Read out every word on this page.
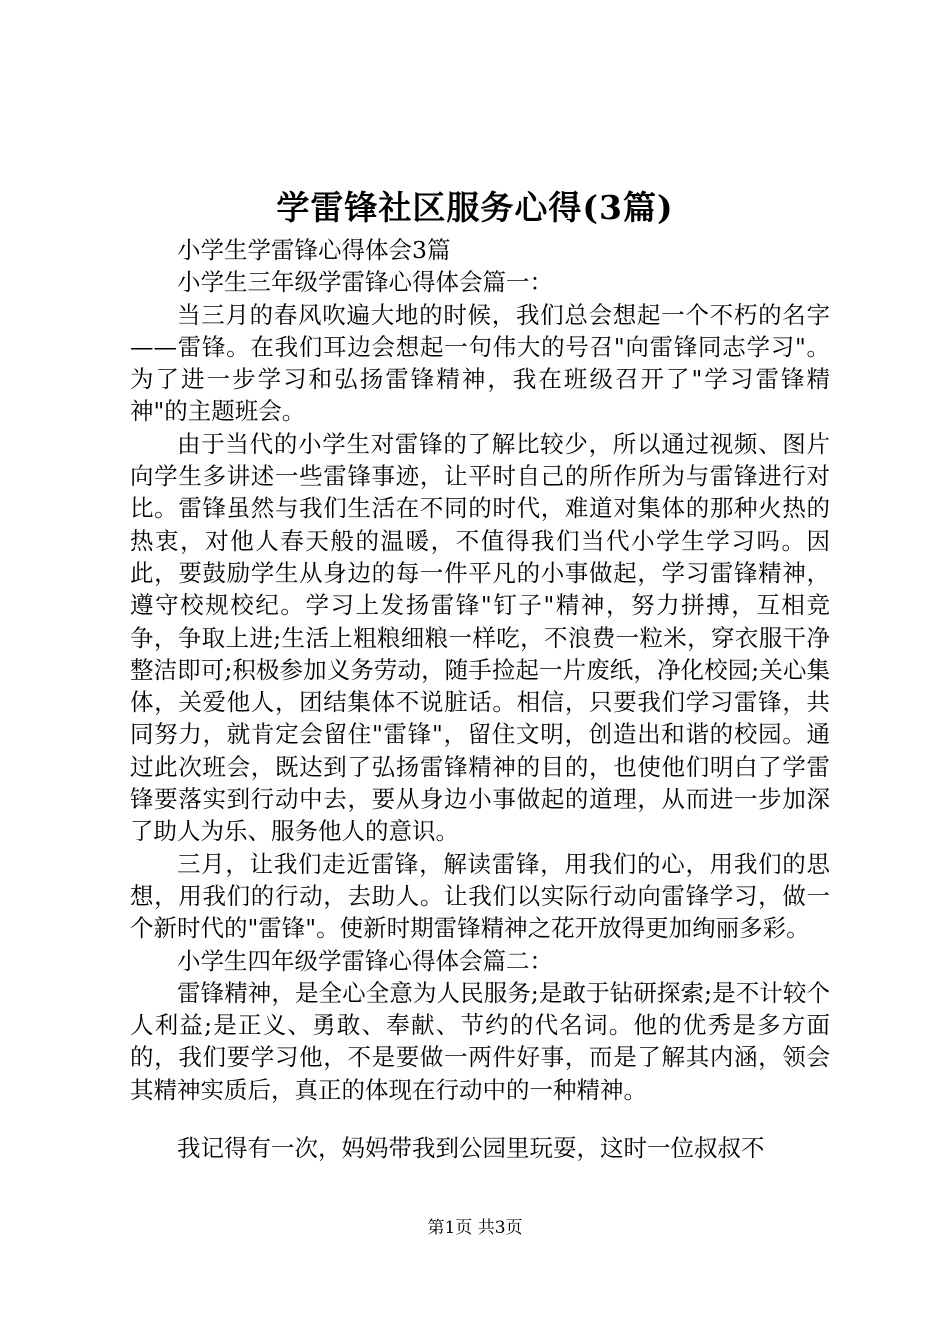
学雷锋社区服务心得(3篇)

小学生学雷锋心得体会3篇

小学生三年级学雷锋心得体会篇一：

当三月的春风吹遍大地的时候，我们总会想起一个不朽的名字——雷锋。在我们耳边会想起一句伟大的号召"向雷锋同志学习"。为了进一步学习和弘扬雷锋精神，我在班级召开了"学习雷锋精神"的主题班会。

由于当代的小学生对雷锋的了解比较少，所以通过视频、图片向学生多讲述一些雷锋事迹，让平时自己的所作所为与雷锋进行对比。雷锋虽然与我们生活在不同的时代，难道对集体的那种火热的热衷，对他人春天般的温暖，不值得我们当代小学生学习吗。因此，要鼓励学生从身边的每一件平凡的小事做起，学习雷锋精神，遵守校规校纪。学习上发扬雷锋"钉子"精神，努力拼搏，互相竞争，争取上进;生活上粗粮细粮一样吃，不浪费一粒米，穿衣服干净整洁即可;积极参加义务劳动，随手捡起一片废纸，净化校园;关心集体，关爱他人，团结集体不说脏话。相信，只要我们学习雷锋，共同努力，就肯定会留住"雷锋"，留住文明，创造出和谐的校园。通过此次班会，既达到了弘扬雷锋精神的目的，也使他们明白了学雷锋要落实到行动中去，要从身边小事做起的道理，从而进一步加深了助人为乐、服务他人的意识。

三月，让我们走近雷锋，解读雷锋，用我们的心，用我们的思想，用我们的行动，去助人。让我们以实际行动向雷锋学习，做一个新时代的"雷锋"。使新时期雷锋精神之花开放得更加绚丽多彩。

小学生四年级学雷锋心得体会篇二：

雷锋精神，是全心全意为人民服务;是敢于钻研探索;是不计较个人利益;是正义、勇敢、奉献、节约的代名词。他的优秀是多方面的，我们要学习他，不是要做一两件好事，而是了解其内涵，领会其精神实质后，真正的体现在行动中的一种精神。

我记得有一次，妈妈带我到公园里玩耍，这时一位叔叔不

第1页 共3页
